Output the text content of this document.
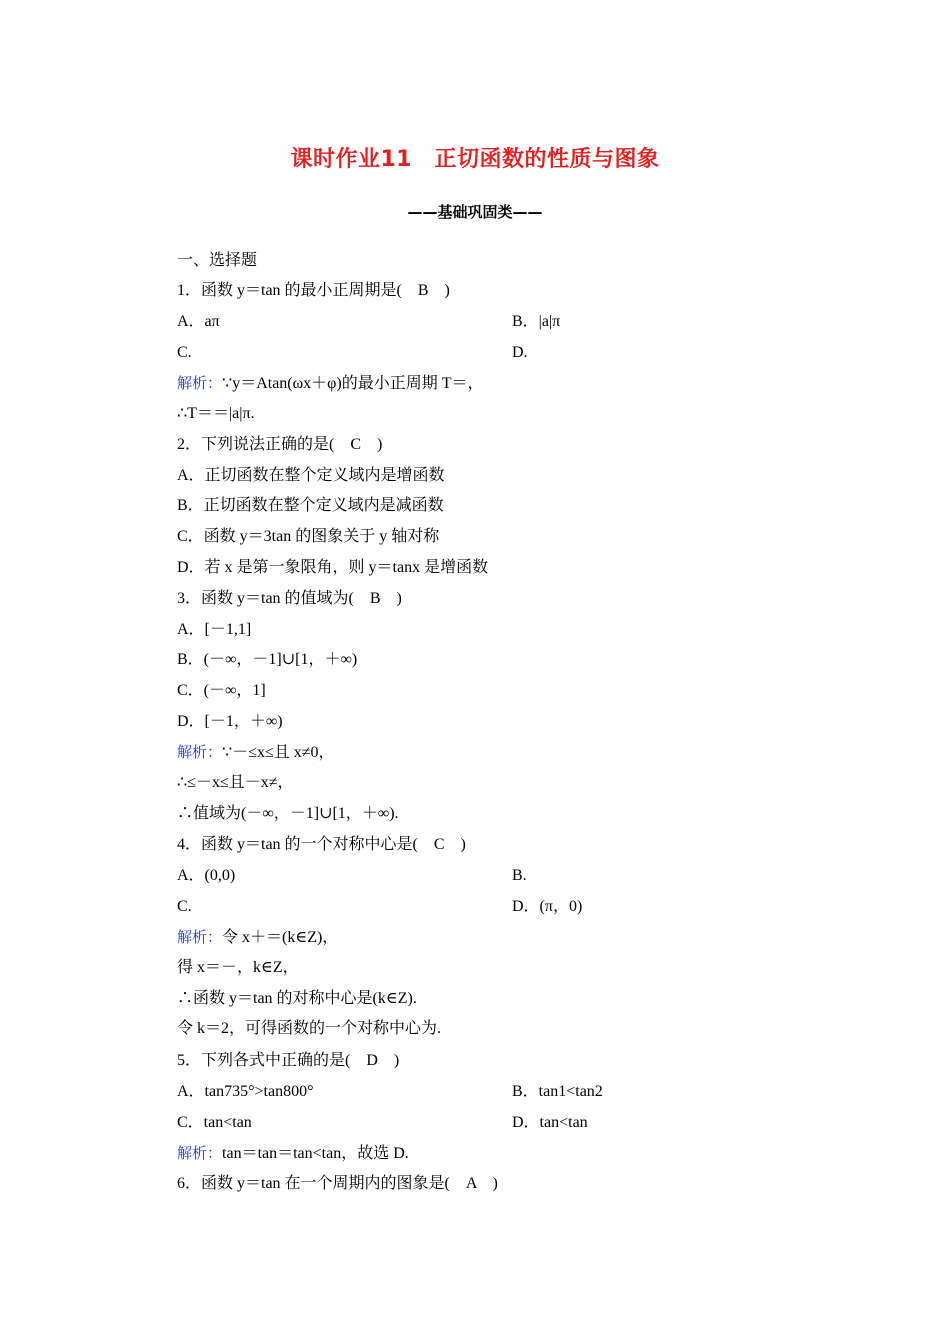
课时作业11　正切函数的性质与图象
——基础巩固类——
一、选择题
1．函数 y＝tan 的最小正周期是(　B　)
A．aπ	B．|a|π
C.	D.
解析：∵y＝Atan(ωx＋φ)的最小正周期 T＝，
∴T＝＝|a|π.
2．下列说法正确的是(　C　)
A．正切函数在整个定义域内是增函数
B．正切函数在整个定义域内是减函数
C．函数 y＝3tan 的图象关于 y 轴对称
D．若 x 是第一象限角，则 y＝tanx 是增函数
3．函数 y＝tan 的值域为(　B　)
A．[－1,1]
B．(－∞，－1]∪[1，＋∞)
C．(－∞，1]
D．[－1，＋∞)
解析：∵－≤x≤且 x≠0，
∴≤－x≤且－x≠，
∴值域为(－∞，－1]∪[1，＋∞).
4．函数 y＝tan 的一个对称中心是(　C　)
A．(0,0)	B.
C.	D．(π，0)
解析：令 x＋＝(k∈Z)，
得 x＝－，k∈Z，
∴函数 y＝tan 的对称中心是(k∈Z).
令 k＝2，可得函数的一个对称中心为.
5．下列各式中正确的是(　D　)
A．tan735°>tan800°	B．tan1<tan2
C．tan<tan	D．tan<tan
解析：tan＝tan＝tan<tan，故选 D.
6．函数 y＝tan 在一个周期内的图象是(　A　)
